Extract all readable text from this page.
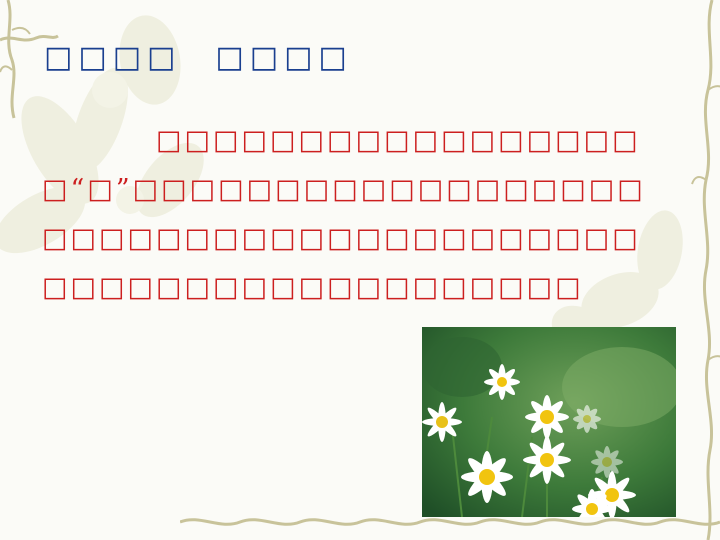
□□□□ □□□□
□□□□□□□□□□□□□□□□□□“□”□□□□□□□□□□□□□□□□□□□□□□□□□□□□□□□□□□□□□□□□□□□□□□□□□□□□□□□□□□
